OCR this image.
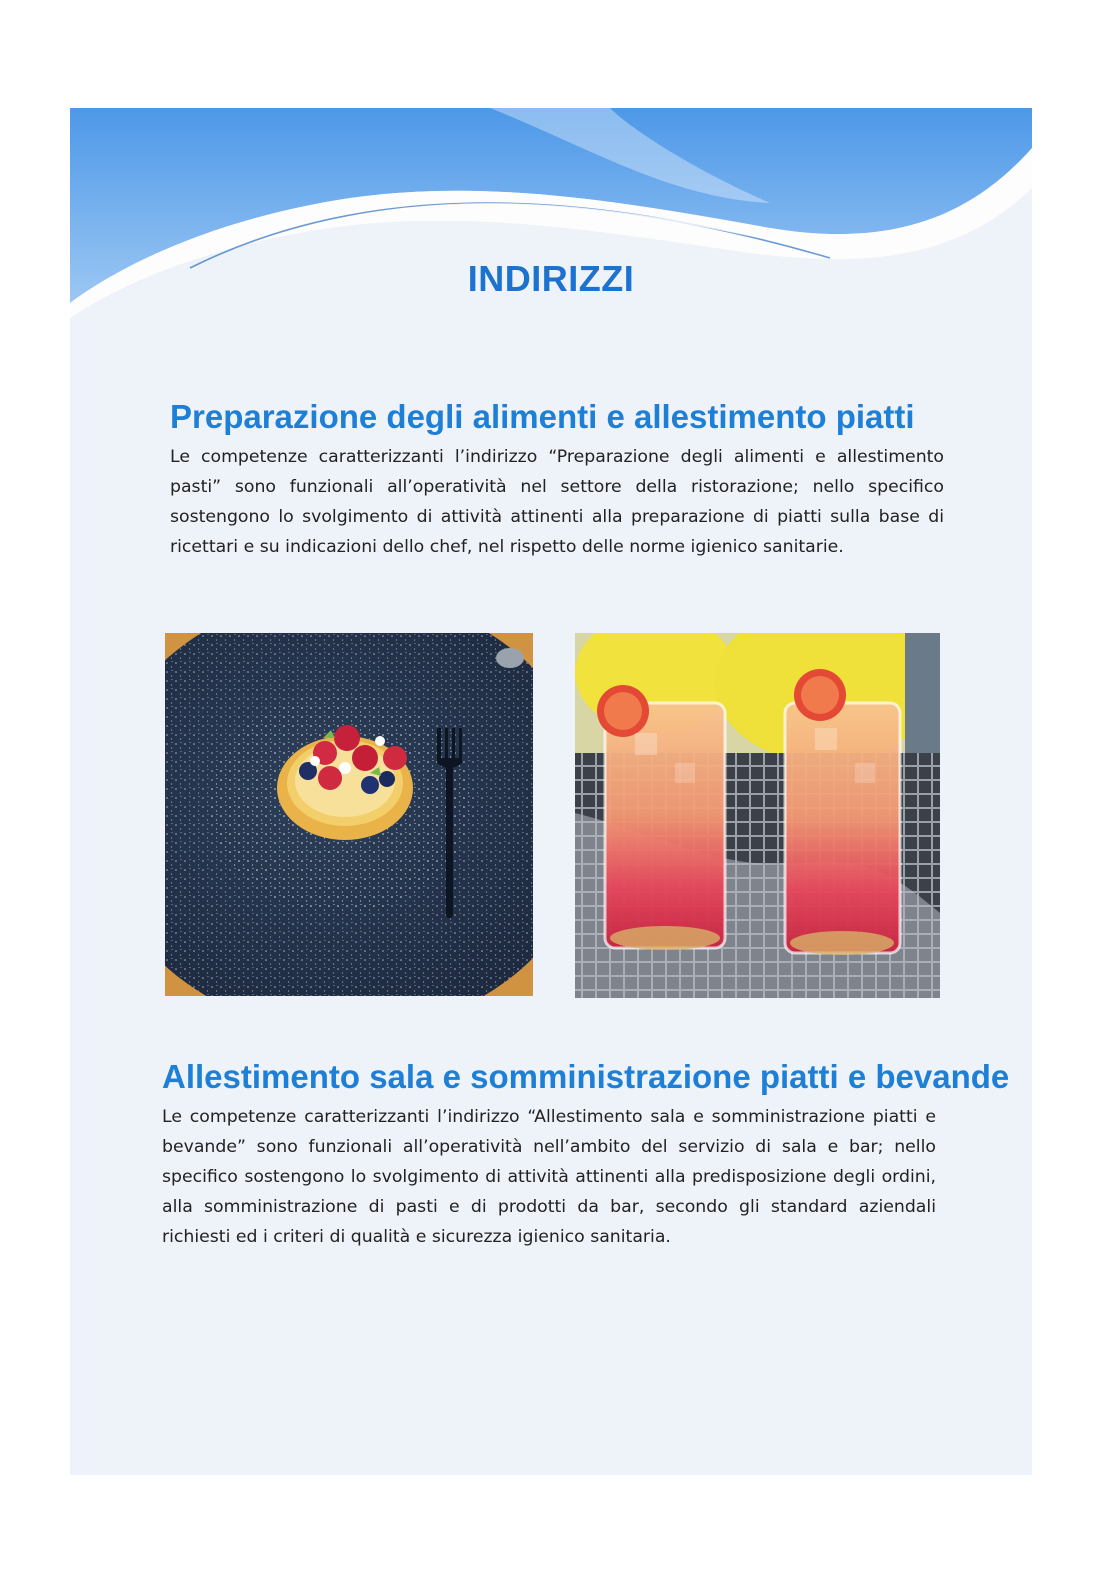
INDIRIZZI
Preparazione degli alimenti e allestimento piatti

Le competenze caratterizzanti l’indirizzo “Preparazione degli alimenti e allestimento pasti” sono funzionali all’operatività nel settore della ristorazione; nello specifico sostengono lo svolgimento di attività attinenti alla preparazione di piatti sulla base di ricettari e su indicazioni dello chef, nel rispetto delle norme igienico sanitarie.

Allestimento sala e somministrazione piatti e bevande

Le competenze caratterizzanti l’indirizzo “Allestimento sala e somministrazione piatti e bevande” sono funzionali all’operatività nell’ambito del servizio di sala e bar; nello specifico sostengono lo svolgimento di attività attinenti alla predisposizione degli ordini, alla somministrazione di pasti e di prodotti da bar, secondo gli standard aziendali richiesti ed i criteri di qualità e sicurezza igienico sanitaria.
